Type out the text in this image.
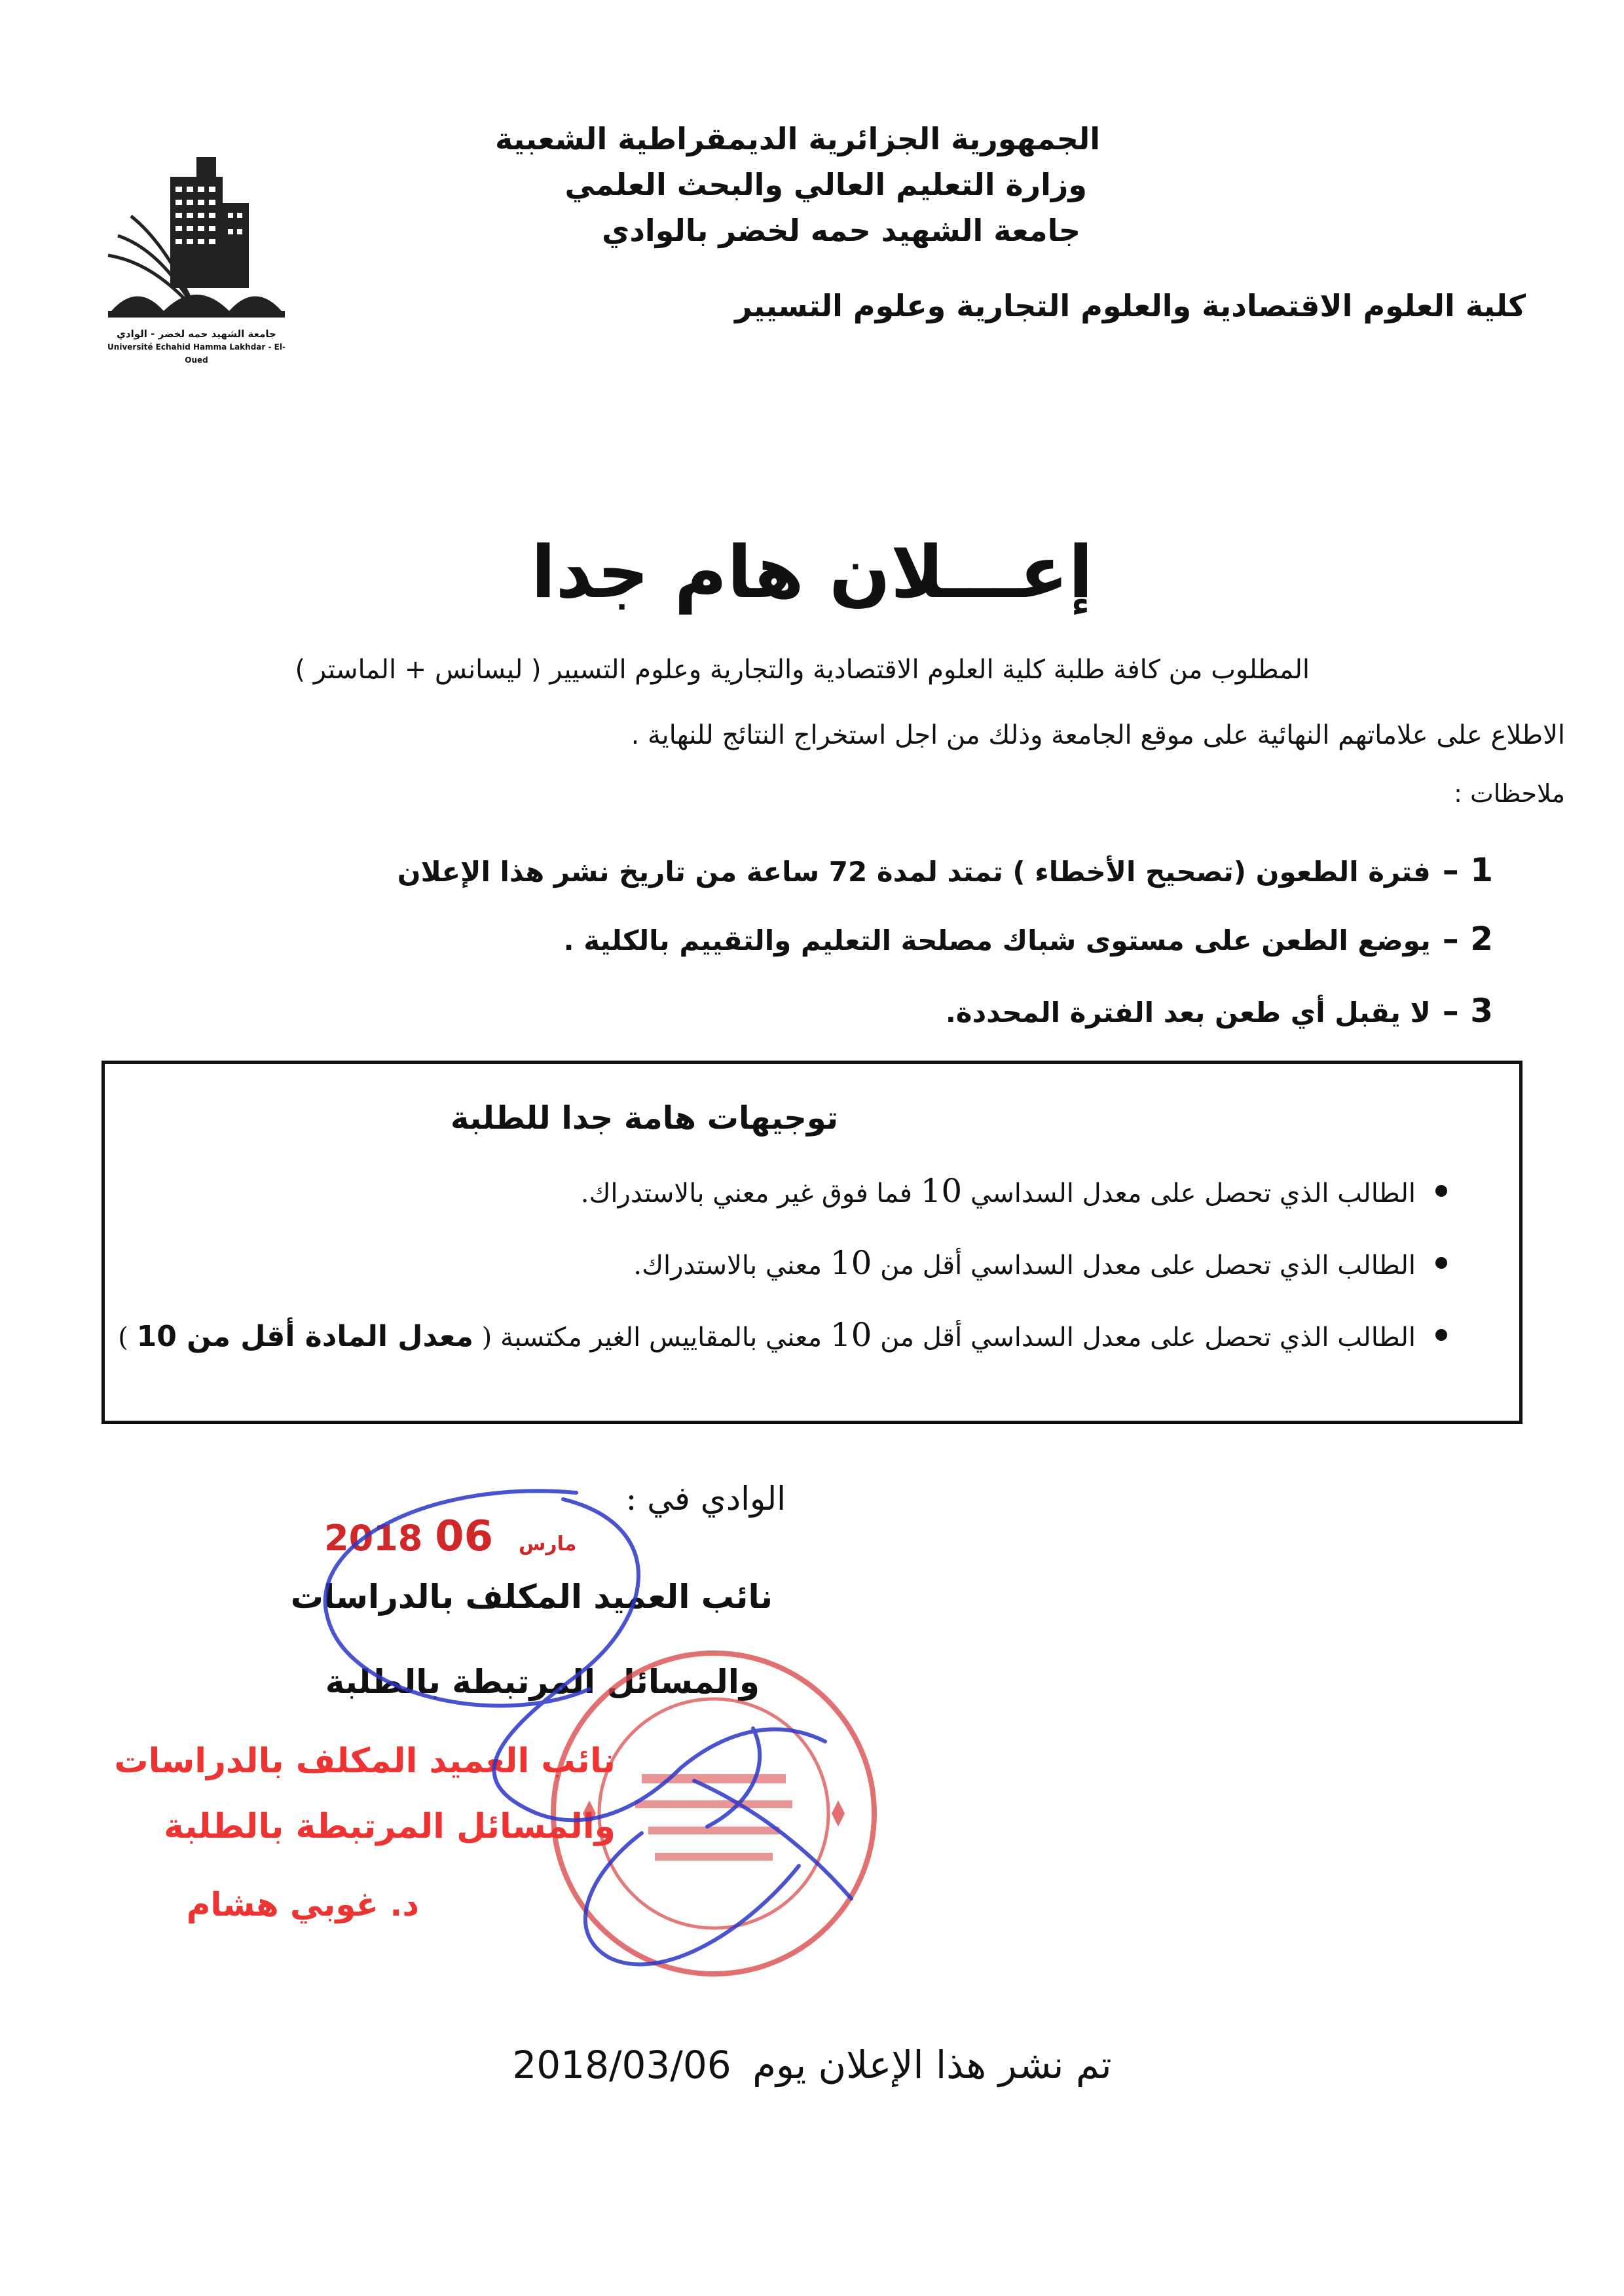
الجمهورية الجزائرية الديمقراطية الشعبية
وزارة التعليم العالي والبحث العلمي
جامعة الشهيد حمه لخضر بالوادي
كلية العلوم الاقتصادية والعلوم التجارية وعلوم التسيير
جامعة الشهيد حمه لخضر - الوادي
Université Echahid Hamma Lakhdar - El-Oued
إعـــلان هام جدا
المطلوب من كافة طلبة كلية العلوم الاقتصادية والتجارية وعلوم التسيير ( ليسانس + الماستر )
الاطلاع على علاماتهم النهائية على موقع الجامعة وذلك من اجل استخراج النتائج للنهاية .
ملاحظات :
1 –
فترة الطعون (تصحيح الأخطاء ) تمتد لمدة 72 ساعة من تاريخ نشر هذا الإعلان
2 –
يوضع الطعن على مستوى شباك مصلحة التعليم والتقييم بالكلية .
3 –
لا يقبل أي طعن بعد الفترة المحددة.
توجيهات هامة جدا للطلبة
الطالب الذي تحصل على معدل السداسي 10 فما فوق غير معني بالاستدراك.
الطالب الذي تحصل على معدل السداسي أقل من 10 معني بالاستدراك.
الطالب الذي تحصل على معدل السداسي أقل من 10 معني بالمقاييس الغير مكتسبة ( معدل المادة أقل من 10 )
الوادي في :
2018	مارس 06
نائب العميد المكلف بالدراسات
والمسائل المرتبطة بالطلبة
نائب العميد المكلف بالدراسات
والمسائل المرتبطة بالطلبة
د. غوبي هشام
2018/03/06 تم نشر هذا الإعلان يوم
